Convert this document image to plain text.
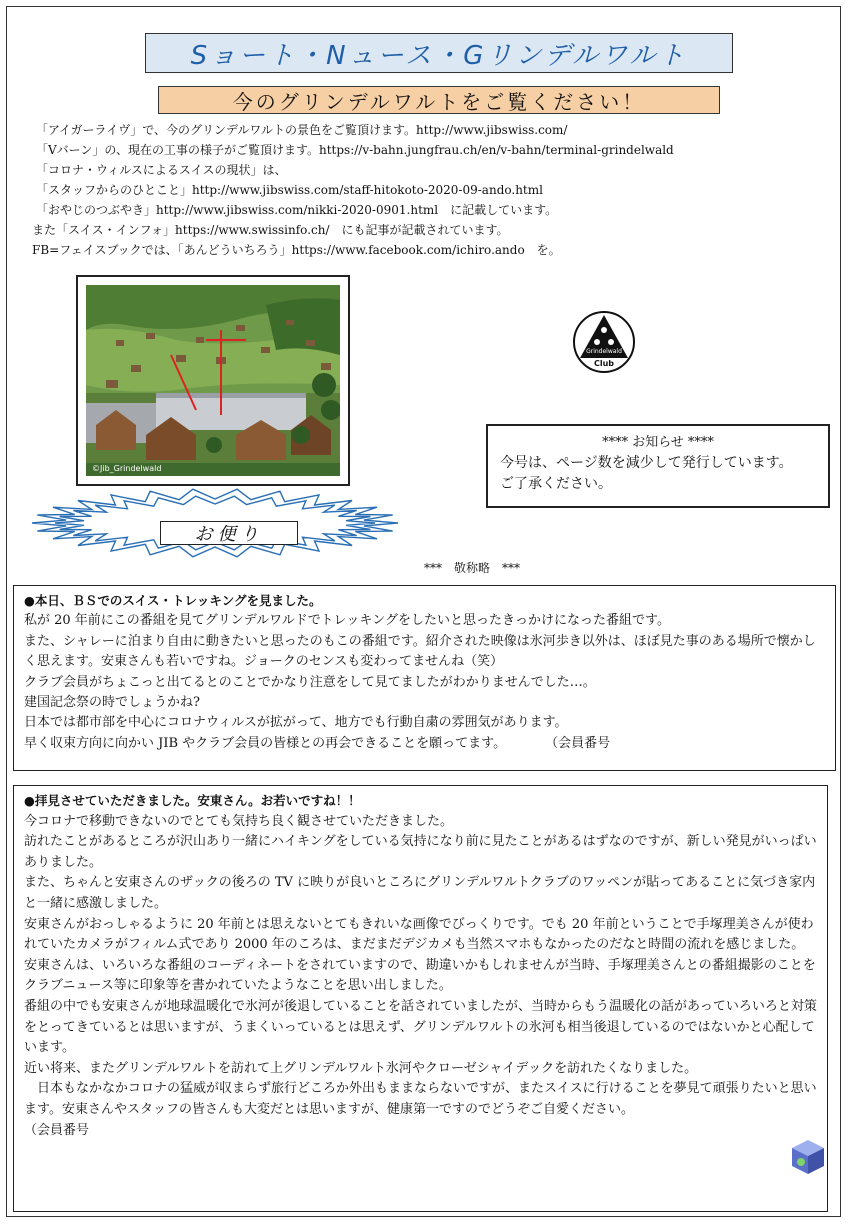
Sョート・Nュース・Gリンデルワルト
今のグリンデルワルトをご覧ください！
「アイガーライヴ」で、今のグリンデルワルトの景色をご覧頂けます。http://www.jibswiss.com/
「Vバーン」の、現在の工事の様子がご覧頂けます。https://v-bahn.jungfrau.ch/en/v-bahn/terminal-grindelwald
「コロナ・ウィルスによるスイスの現状」は、
「スタッフからのひとこと」http://www.jibswiss.com/staff-hitokoto-2020-09-ando.html
「おやじのつぶやき」http://www.jibswiss.com/nikki-2020-0901.html　に記載しています。
また「スイス・インフォ」https://www.swissinfo.ch/　にも記事が記載されています。
FB=フェイスブックでは、「あんどういちろう」https://www.facebook.com/ichiro.ando　を。
©Jib_Grindelwald
Grindelwald
Club
**** お知らせ ****
今号は、ページ数を減少して発行しています。
ご了承ください。
お便り
***　敬称略　***

●本日、ＢＳでのスイス・トレッキングを見ました。

私が 20 年前にこの番組を見てグリンデルワルドでトレッキングをしたいと思ったきっかけになった番組です。

また、シャレーに泊まり自由に動きたいと思ったのもこの番組です。紹介された映像は氷河歩き以外は、ほぼ見た事のある場所で懐かしく思えます。安東さんも若いですね。ジョークのセンスも変わってませんね（笑）

クラブ会員がちょこっと出てるとのことでかなり注意をして見てましたがわかりませんでした…。

建国記念祭の時でしょうかね?

日本では都市部を中心にコロナウィルスが拡がって、地方でも行動自粛の雰囲気があります。

早く収束方向に向かい JIB やクラブ会員の皆様との再会できることを願ってます。　　　　（会員番号

●拝見させていただきました。安東さん。お若いですね！！

今コロナで移動できないのでとても気持ち良く観させていただきました。

訪れたことがあるところが沢山あり一緒にハイキングをしている気持になり前に見たことがあるはずなのですが、新しい発見がいっぱいありました。

また、ちゃんと安東さんのザックの後ろの TV に映りが良いところにグリンデルワルトクラブのワッペンが貼ってあることに気づき家内と一緒に感激しました。

安東さんがおっしゃるように 20 年前とは思えないとてもきれいな画像でびっくりです。でも 20 年前ということで手塚理美さんが使われていたカメラがフィルム式であり 2000 年のころは、まだまだデジカメも当然スマホもなかったのだなと時間の流れを感じました。

安東さんは、いろいろな番組のコーディネートをされていますので、勘違いかもしれませんが当時、手塚理美さんとの番組撮影のことをクラブニュース等に印象等を書かれていたようなことを思い出しました。

番組の中でも安東さんが地球温暖化で氷河が後退していることを話されていましたが、当時からもう温暖化の話があっていろいろと対策をとってきているとは思いますが、うまくいっているとは思えず、グリンデルワルトの氷河も相当後退しているのではないかと心配しています。

近い将来、またグリンデルワルトを訪れて上グリンデルワルト氷河やクローゼシャイデックを訪れたくなりました。

　日本もなかなかコロナの猛威が収まらず旅行どころか外出もままならないですが、またスイスに行けることを夢見て頑張りたいと思います。安東さんやスタッフの皆さんも大変だとは思いますが、健康第一ですのでどうぞご自愛ください。

（会員番号
